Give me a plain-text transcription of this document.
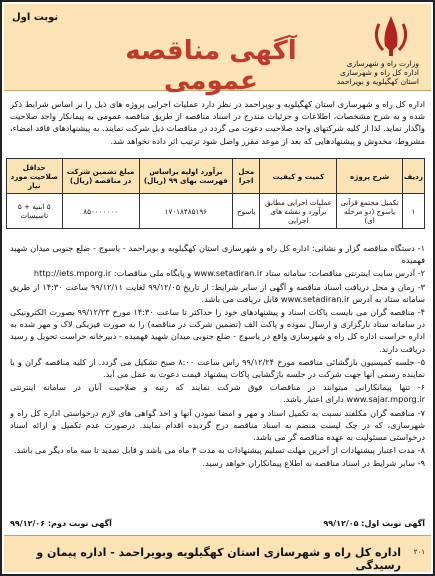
نوبت اول
آگهی مناقصه عمومی
وزارت راه و شهرسازی
اداره کل راه و شهرسازی
استان کهگیلویه و بویراحمد
اداره کل راه و شهرسازی استان کهگیلویه و بویراحمد در نظر دارد عملیات اجرایی پروژه های ذیل را بر اساس شرایط ذکر شده و به شرح مشخصات، اطلاعات و جزئیات مندرج در اسناد مناقصه از طریق مناقصه عمومی به پیمانکار واجد صلاحیت واگذار نماید. لذا از کلیه شرکتهای واجد صلاحیت دعوت می گردد در مناقصات ذیل شرکت نمایند. به پیشنهادهای فاقد امضاء، مشروط، مخدوش و پیشنهادهایی که بعد از موعد مقرر واصل شود ترتیب اثر داده نخواهد شد.
ردیف	شرح پروژه	کمیت و کیفیت	محل اجرا	برآورد اولیه براساس فهرست بهای ۹۹ (ریال)	مبلغ تضمین شرکت در مناقصه (ریال)	حداقل صلاحیت مورد نیاز
۱	تکمیل مجتمع قرآنی یاسوج (دو مرحله ای)	عملیات اجرایی مطابق برآورد و نقشه های اجرایی	یاسوج	۱۷۰۱۸۴۸۵۱۹۶	۸۵۰۰۰۰۰۰۰	۵ ابنیه + ۵ تاسیسات

۱- دستگاه مناقصه گزار و نشانی: اداره کل راه و شهرسازی استان کهگیلویه و بویراحمد - یاسوج - ضلع جنوبی میدان شهید فهمیده

۲- آدرس سایت اینترنتی مناقصات: سامانه ستاد www.setadiran.ir و پایگاه ملی مناقصات: http://iets.mporg.ir

۳- زمان و محل دریافت اسناد مناقصه و آگهی از سایر شرایط: از تاریخ ۹۹/۱۲/۰۵ لغایت ۹۹/۱۲/۱۱ ساعت ۱۴:۳۰ از طریق سامانه ستاد به آدرس www.setadiran.ir قابل دریافت می باشد.

۴- مناقصه گران می بایست پاکات اسناد و پیشنهادهای خود را حداکثر تا ساعت ۱۴:۳۰ مورخ ۹۹/۱۲/۲۳ بصورت الکترونیکی در سامانه ستاد بارگزاری و ارسال نموده و پاکت الف (تضمین شرکت در مناقصه) را به صورت فیزیکی لاک و مهر شده به اداره حراست اداره کل راه و شهرسازی واقع در یاسوج - ضلع جنوبی میدان شهید فهمیده - دبیرخانه حراست تحویل و رسید دریافت دارند.

۵- جلسه کمیسیون بازگشائی مناقصه مورخ ۹۹/۱۲/۲۴ راس ساعت ۸:۰۰ صبح تشکیل می گردد. از کلیه مناقصه گران و یا نماینده رسمی آنها جهت شرکت در جلسه بازگشایی پاکات پیشنهاد قیمت دعوت به عمل می آید.

۶- تنها پیمانکارانی میتوانند در مناقصات فوق شرکت نمایند که رتبه و صلاحیت آنان در سامانه اینترنتی www.sajar.mporg.ir دارای اعتبار باشد.

۷- مناقصه گران مکلفند نسبت به تکمیل اسناد و مهر و امضا نمودن آنها و اخذ گواهی های لازم درخواستی اداره کل راه و شهرسازی، که در چک لیست منضم به اسناد مناقصه درج گردیده اقدام نمایند. درصورت عدم تکمیل و ارائه اسناد درخواستی مسئولیت به عهده مناقصه گر می باشد.

۸- مدت اعتبار پیشنهادات از آخرین مهلت تسلیم پیشنهادات به مدت ۳ ماه می باشد و قابل تمدید تا سه ماه دیگر می باشد.

۹- سایر شرایط در اسناد مناقصه به اطلاع پیمانکاران خواهد رسید.

آگهی نوبت اول: ۹۹/۱۲/۰۵
آگهی نوبت دوم: ۹۹/۱۲/۰۶
۲۰۱
اداره کل راه و شهرسازی استان کهگیلویه وبویراحمد - اداره پیمان و رسیدگی
